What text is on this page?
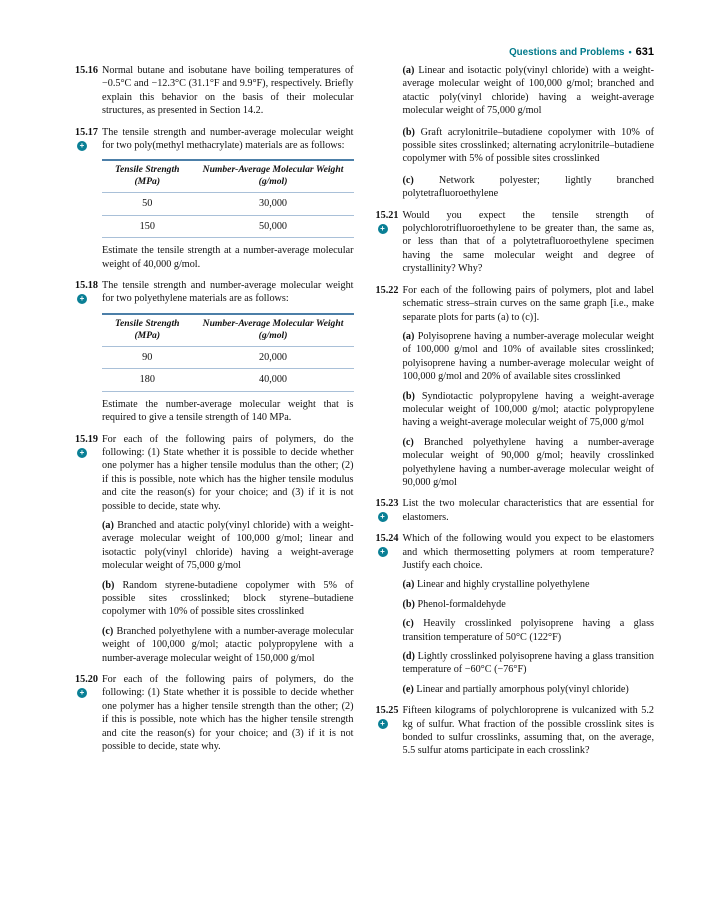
Questions and Problems • 631

15.16 Normal butane and isobutane have boiling temperatures of −0.5°C and −12.3°C (31.1°F and 9.9°F), respectively. Briefly explain this behavior on the basis of their molecular structures, as presented in Section 14.2.

+

15.17 The tensile strength and number-average molecular weight for two poly(methyl methacrylate) materials are as follows:

Tensile Strength (MPa)	Number-Average Molecular Weight (g/mol)
50	30,000
150	50,000

Estimate the tensile strength at a number-average molecular weight of 40,000 g/mol.

+

15.18 The tensile strength and number-average molecular weight for two polyethylene materials are as follows:

Tensile Strength (MPa)	Number-Average Molecular Weight (g/mol)
90	20,000
180	40,000

Estimate the number-average molecular weight that is required to give a tensile strength of 140 MPa.

+

15.19 For each of the following pairs of polymers, do the following: (1) State whether it is possible to decide whether one polymer has a higher tensile modulus than the other; (2) if this is possible, note which has the higher tensile modulus and cite the reason(s) for your choice; and (3) if it is not possible to decide, state why.

(a) Branched and atactic poly(vinyl chloride) with a weight-average molecular weight of 100,000 g/mol; linear and isotactic poly(vinyl chloride) having a weight-average molecular weight of 75,000 g/mol

(b) Random styrene-butadiene copolymer with 5% of possible sites crosslinked; block styrene–butadiene copolymer with 10% of possible sites crosslinked

(c) Branched polyethylene with a number-average molecular weight of 100,000 g/mol; atactic polypropylene with a number-average molecular weight of 150,000 g/mol

+

15.20 For each of the following pairs of polymers, do the following: (1) State whether it is possible to decide whether one polymer has a higher tensile strength than the other; (2) if this is possible, note which has the higher tensile strength and cite the reason(s) for your choice; and (3) if it is not possible to decide, state why.

(a) Linear and isotactic poly(vinyl chloride) with a weight-average molecular weight of 100,000 g/mol; branched and atactic poly(vinyl chloride) having a weight-average molecular weight of 75,000 g/mol

(b) Graft acrylonitrile–butadiene copolymer with 10% of possible sites crosslinked; alternating acrylonitrile–butadiene copolymer with 5% of possible sites crosslinked

(c) Network polyester; lightly branched polytetrafluoroethylene

+

15.21 Would you expect the tensile strength of polychlorotrifluoroethylene to be greater than, the same as, or less than that of a polytetrafluoroethylene specimen having the same molecular weight and degree of crystallinity? Why?

15.22 For each of the following pairs of polymers, plot and label schematic stress–strain curves on the same graph [i.e., make separate plots for parts (a) to (c)].

(a) Polyisoprene having a number-average molecular weight of 100,000 g/mol and 10% of available sites crosslinked; polyisoprene having a number-average molecular weight of 100,000 g/mol and 20% of available sites crosslinked

(b) Syndiotactic polypropylene having a weight-average molecular weight of 100,000 g/mol; atactic polypropylene having a weight-average molecular weight of 75,000 g/mol

(c) Branched polyethylene having a number-average molecular weight of 90,000 g/mol; heavily crosslinked polyethylene having a number-average molecular weight of 90,000 g/mol

+

15.23 List the two molecular characteristics that are essential for elastomers.

+

15.24 Which of the following would you expect to be elastomers and which thermosetting polymers at room temperature? Justify each choice.

(a) Linear and highly crystalline polyethylene

(b) Phenol-formaldehyde

(c) Heavily crosslinked polyisoprene having a glass transition temperature of 50°C (122°F)

(d) Lightly crosslinked polyisoprene having a glass transition temperature of −60°C (−76°F)

(e) Linear and partially amorphous poly(vinyl chloride)

+

15.25 Fifteen kilograms of polychloroprene is vulcanized with 5.2 kg of sulfur. What fraction of the possible crosslink sites is bonded to sulfur crosslinks, assuming that, on the average, 5.5 sulfur atoms participate in each crosslink?
